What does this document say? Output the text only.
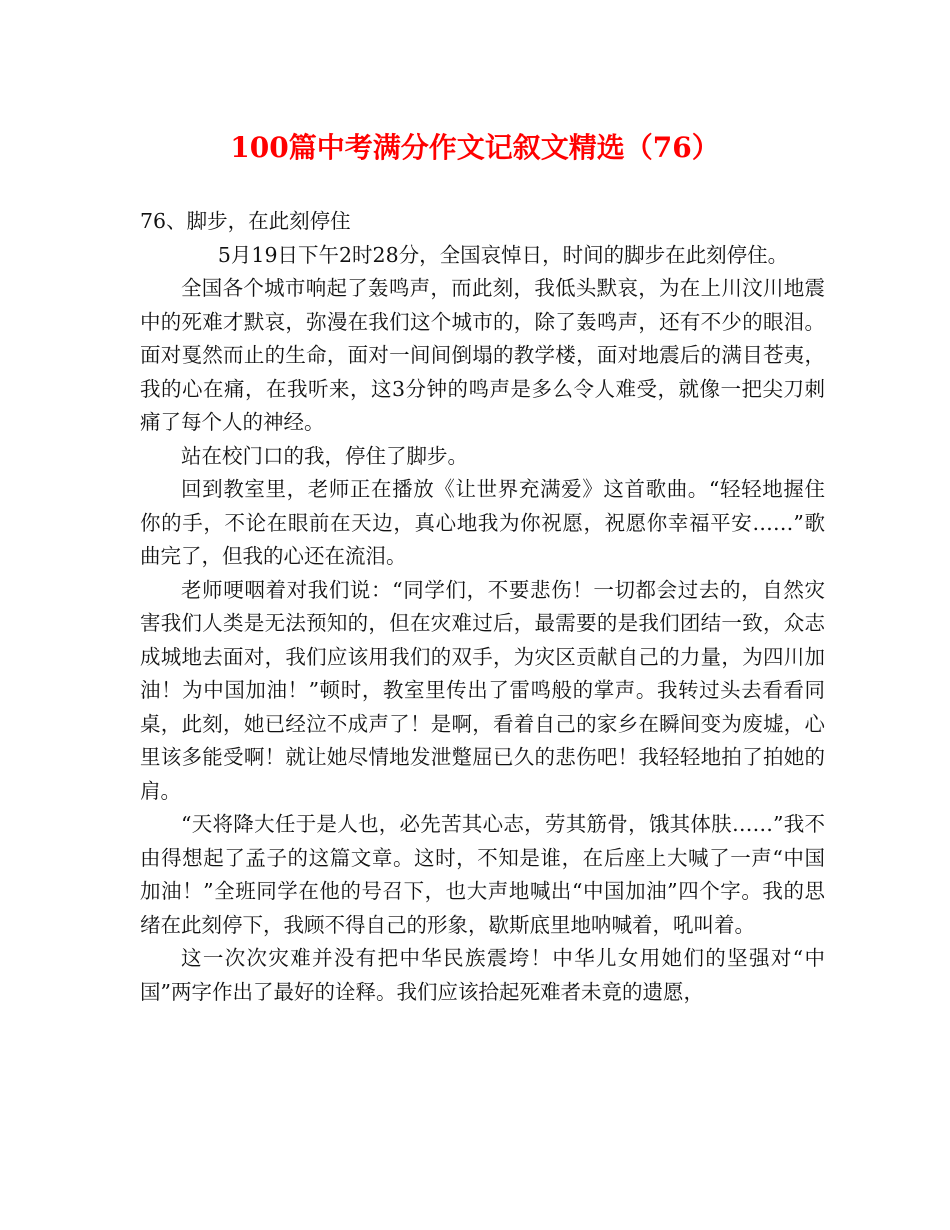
100篇中考满分作文记叙文精选（76）

76、脚步，在此刻停住

5月19日下午2时28分，全国哀悼日，时间的脚步在此刻停住。

全国各个城市响起了轰鸣声，而此刻，我低头默哀，为在上川汶川地震中的死难才默哀，弥漫在我们这个城市的，除了轰鸣声，还有不少的眼泪。面对戛然而止的生命，面对一间间倒塌的教学楼，面对地震后的满目苍夷，我的心在痛，在我听来，这3分钟的鸣声是多么令人难受，就像一把尖刀刺痛了每个人的神经。

站在校门口的我，停住了脚步。

回到教室里，老师正在播放《让世界充满爱》这首歌曲。“轻轻地握住你的手，不论在眼前在天边，真心地我为你祝愿，祝愿你幸福平安……”歌曲完了，但我的心还在流泪。

老师哽咽着对我们说：“同学们，不要悲伤！一切都会过去的，自然灾害我们人类是无法预知的，但在灾难过后，最需要的是我们团结一致，众志成城地去面对，我们应该用我们的双手，为灾区贡献自己的力量，为四川加油！为中国加油！”顿时，教室里传出了雷鸣般的掌声。我转过头去看看同桌，此刻，她已经泣不成声了！是啊，看着自己的家乡在瞬间变为废墟，心里该多能受啊！就让她尽情地发泄蹩屈已久的悲伤吧！我轻轻地拍了拍她的肩。

“天将降大任于是人也，必先苦其心志，劳其筋骨，饿其体肤……”我不由得想起了孟子的这篇文章。这时，不知是谁，在后座上大喊了一声“中国加油！”全班同学在他的号召下，也大声地喊出“中国加油”四个字。我的思绪在此刻停下，我顾不得自己的形象，歇斯底里地呐喊着，吼叫着。

这一次次灾难并没有把中华民族震垮！中华儿女用她们的坚强对“中国”两字作出了最好的诠释。我们应该拾起死难者未竟的遗愿，
